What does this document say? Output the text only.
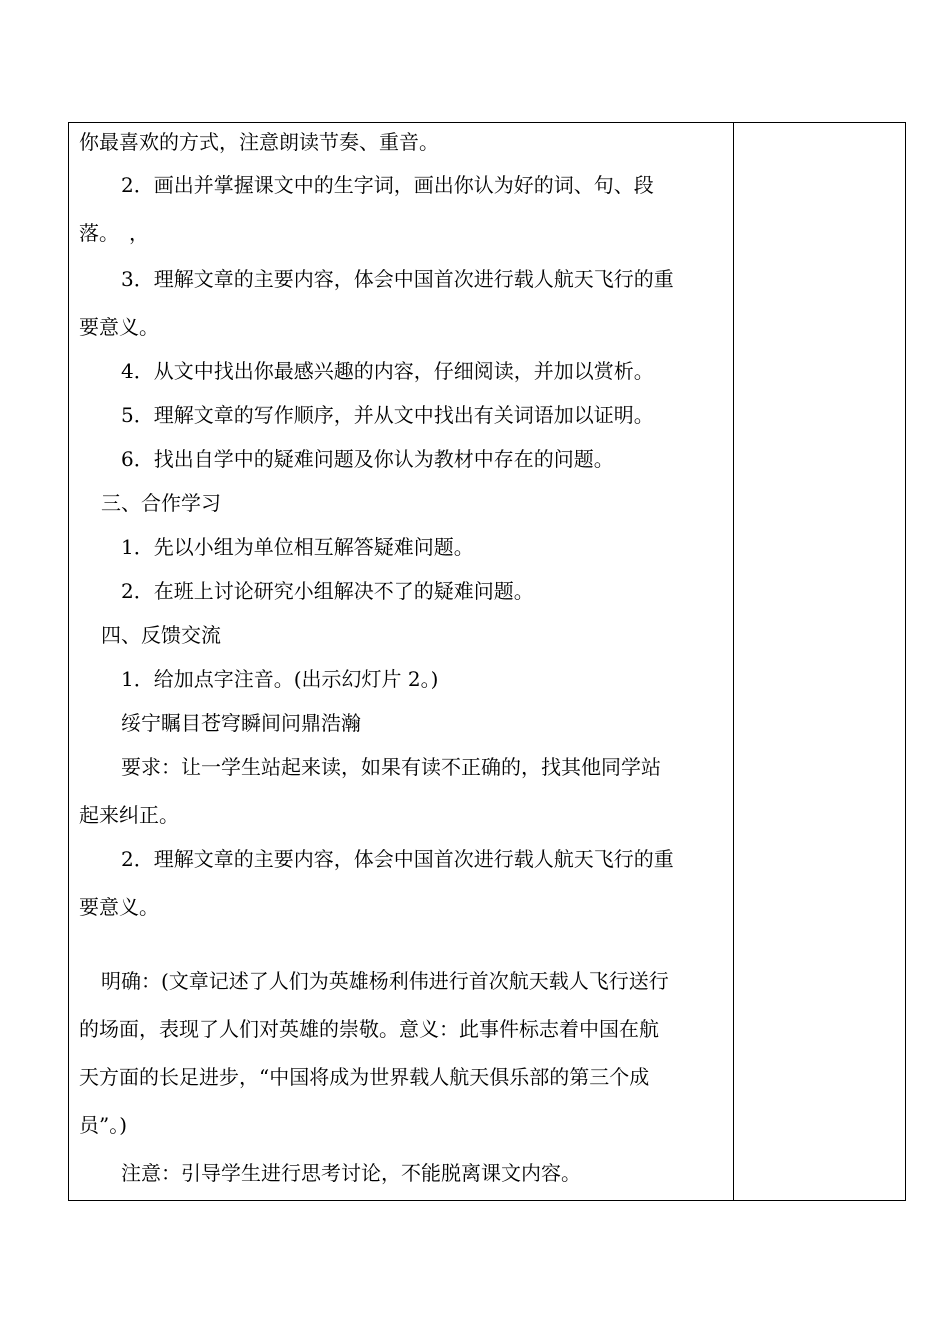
你最喜欢的方式，注意朗读节奏、重音。
2．画出并掌握课文中的生字词，画出你认为好的词、句、段
落。　，
3．理解文章的主要内容，体会中国首次进行载人航天飞行的重
要意义。
4．从文中找出你最感兴趣的内容，仔细阅读，并加以赏析。
5．理解文章的写作顺序，并从文中找出有关词语加以证明。
6．找出自学中的疑难问题及你认为教材中存在的问题。
三、合作学习
1．先以小组为单位相互解答疑难问题。
2．在班上讨论研究小组解决不了的疑难问题。
四、反馈交流
1．给加点字注音。(出示幻灯片 2。)
绥宁瞩目苍穹瞬间问鼎浩瀚
要求：让一学生站起来读，如果有读不正确的，找其他同学站
起来纠正。
2．理解文章的主要内容，体会中国首次进行载人航天飞行的重
要意义。
明确：(文章记述了人们为英雄杨利伟进行首次航天载人飞行送行
的场面，表现了人们对英雄的崇敬。意义：此事件标志着中国在航
天方面的长足进步，“中国将成为世界载人航天俱乐部的第三个成
员”。)
注意：引导学生进行思考讨论，不能脱离课文内容。
